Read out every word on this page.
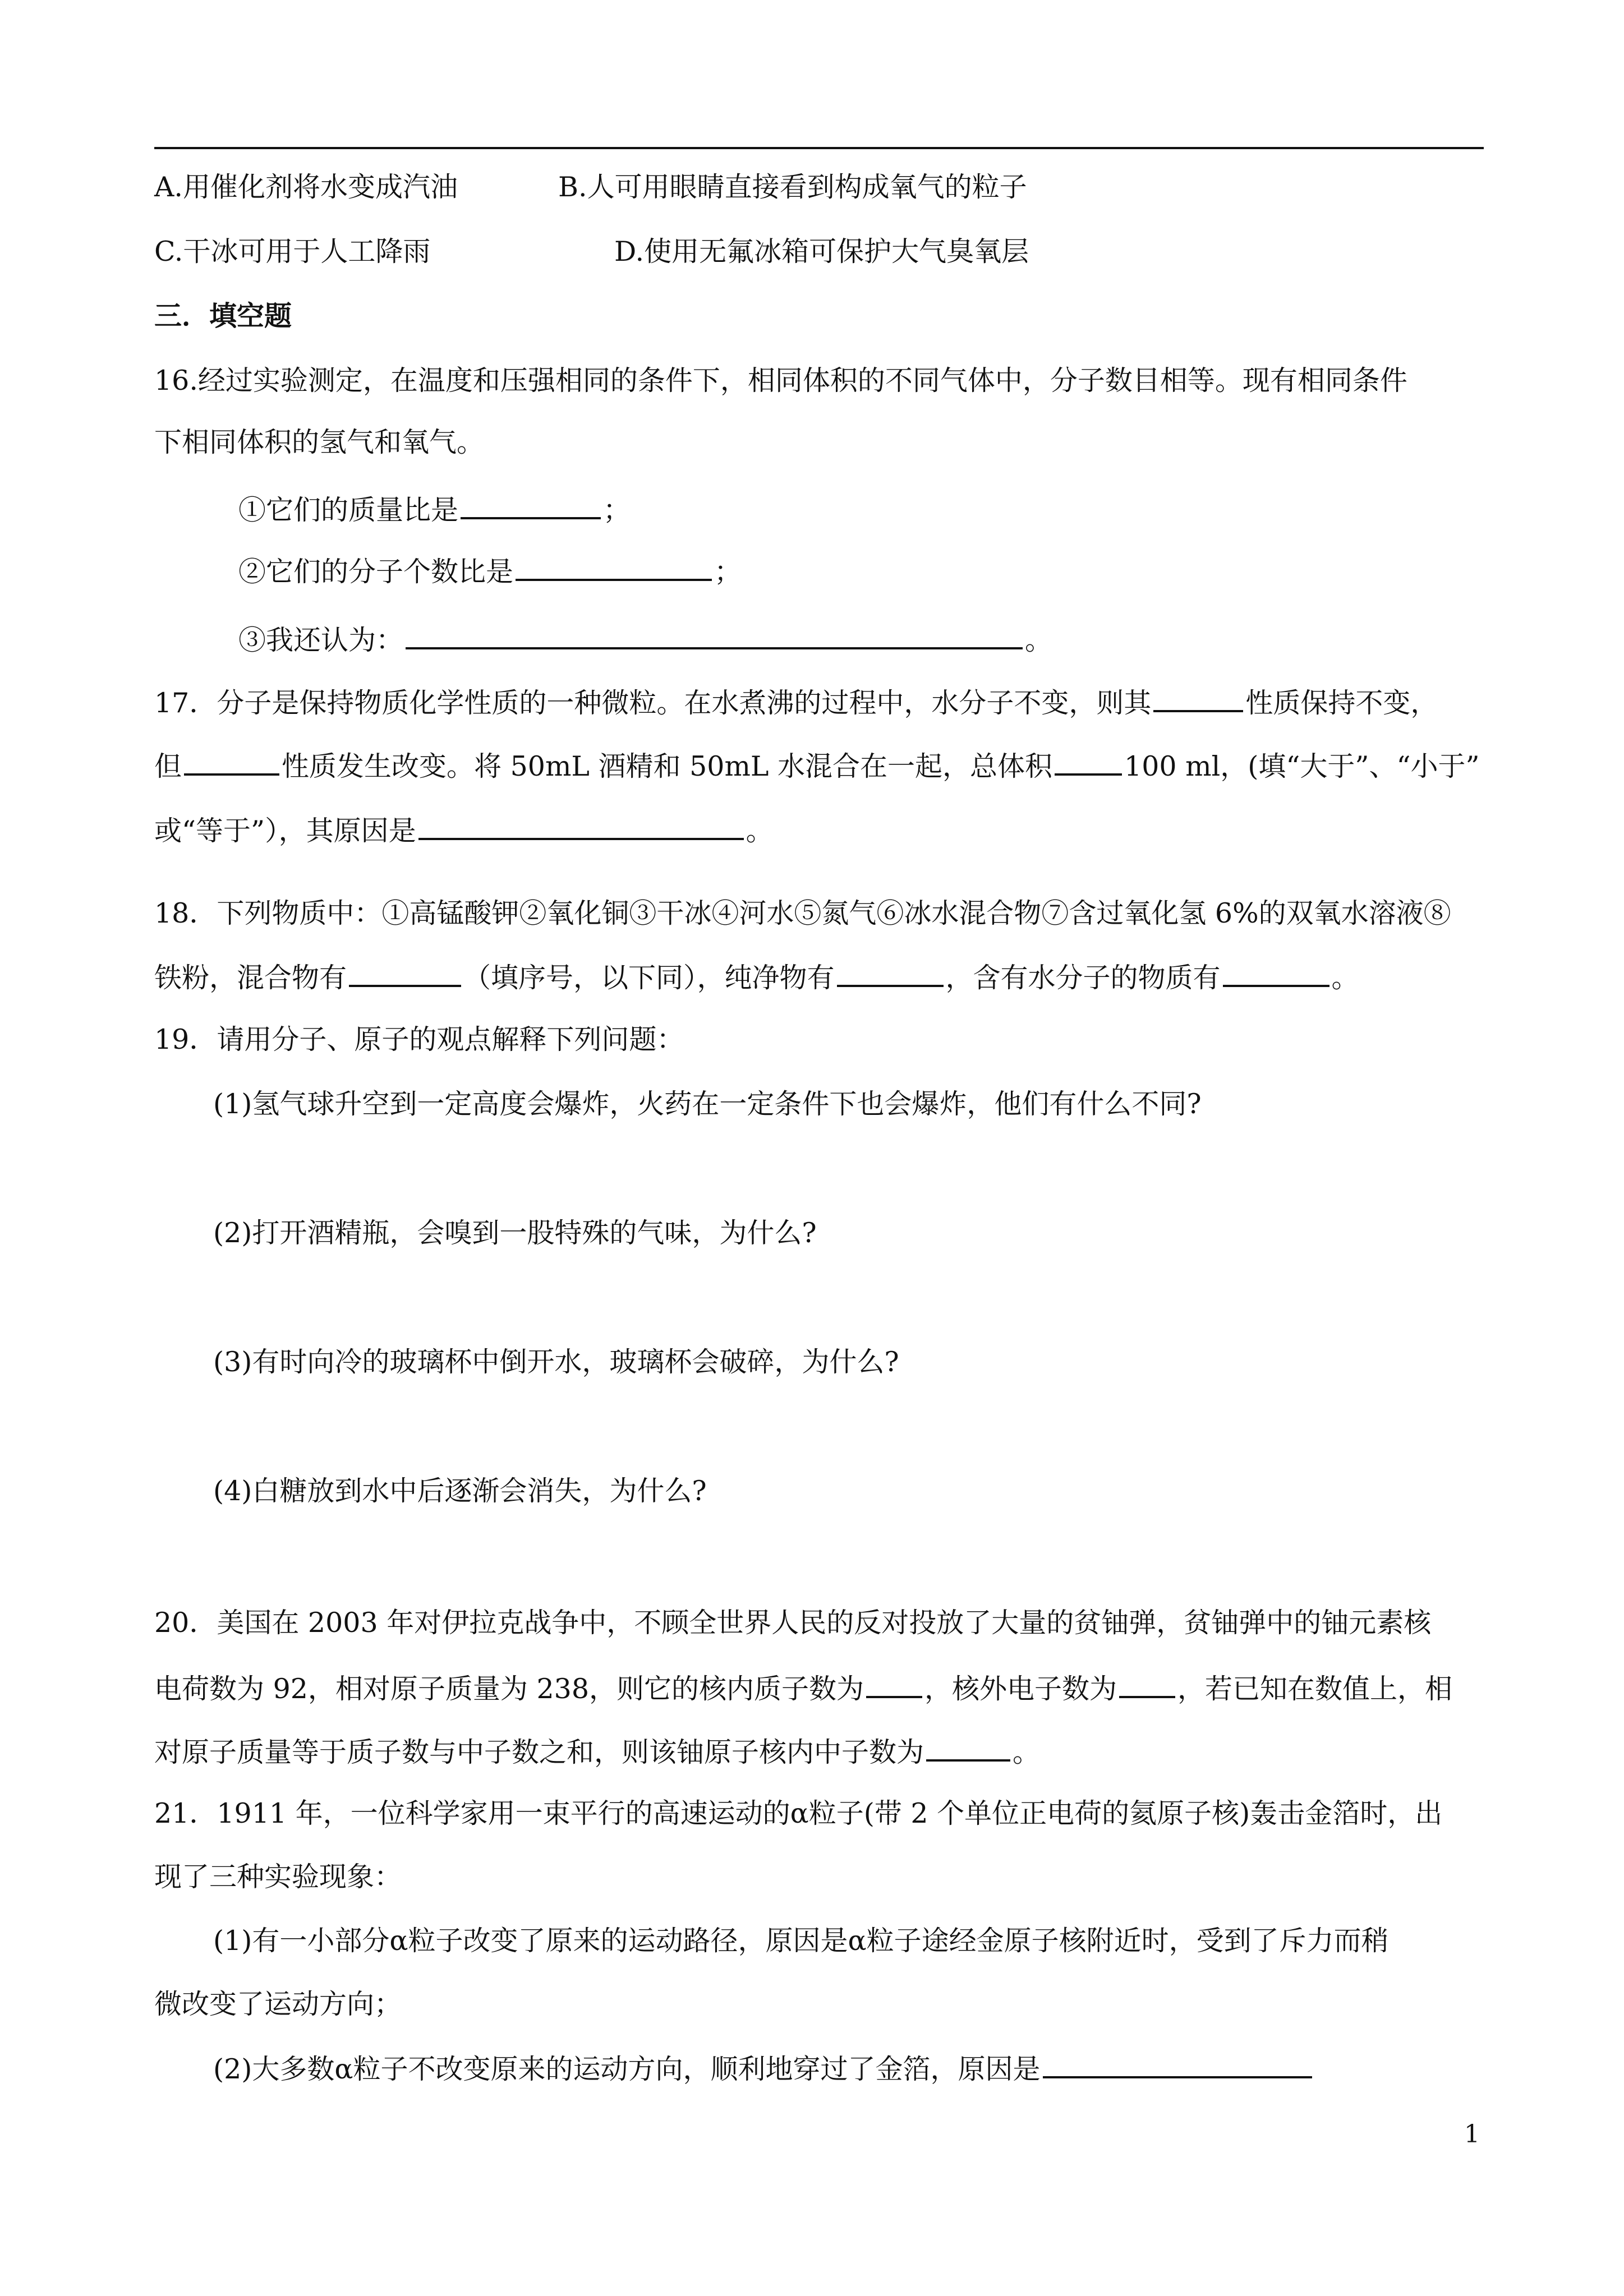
A.用催化剂将水变成汽油	B.人可用眼睛直接看到构成氧气的粒子
C.干冰可用于人工降雨	D.使用无氟冰箱可保护大气臭氧层
三．填空题
16.经过实验测定，在温度和压强相同的条件下，相同体积的不同气体中，分子数目相等。现有相同条件
下相同体积的氢气和氧气。
①它们的质量比是	；
②它们的分子个数比是	；
③我还认为：	。
17．分子是保持物质化学性质的一种微粒。在水煮沸的过程中，水分子不变，则其	性质保持不变，
但	性质发生改变。将 50mL 酒精和 50mL 水混合在一起，总体积	100 ml，(填“大于”、“小于”
或“等于”），其原因是	。
18．下列物质中：①高锰酸钾②氧化铜③干冰④河水⑤氮气⑥冰水混合物⑦含过氧化氢 6%的双氧水溶液⑧
铁粉，混合物有	（填序号，以下同），纯净物有	，含有水分子的物质有	。
19．请用分子、原子的观点解释下列问题：
(1)氢气球升空到一定高度会爆炸，火药在一定条件下也会爆炸，他们有什么不同?
(2)打开酒精瓶，会嗅到一股特殊的气味，为什么?
(3)有时向冷的玻璃杯中倒开水，玻璃杯会破碎，为什么?
(4)白糖放到水中后逐渐会消失，为什么?
20．美国在 2003 年对伊拉克战争中，不顾全世界人民的反对投放了大量的贫铀弹，贫铀弹中的铀元素核
电荷数为 92，相对原子质量为 238，则它的核内质子数为 ，核外电子数为 ，若已知在数值上，相
对原子质量等于质子数与中子数之和，则该铀原子核内中子数为	。
21．1911 年，一位科学家用一束平行的高速运动的α粒子(带 2 个单位正电荷的氦原子核)轰击金箔时，出
现了三种实验现象：
(1)有一小部分α粒子改变了原来的运动路径，原因是α粒子途经金原子核附近时，受到了斥力而稍
微改变了运动方向；
(2)大多数α粒子不改变原来的运动方向，顺利地穿过了金箔，原因是
1
